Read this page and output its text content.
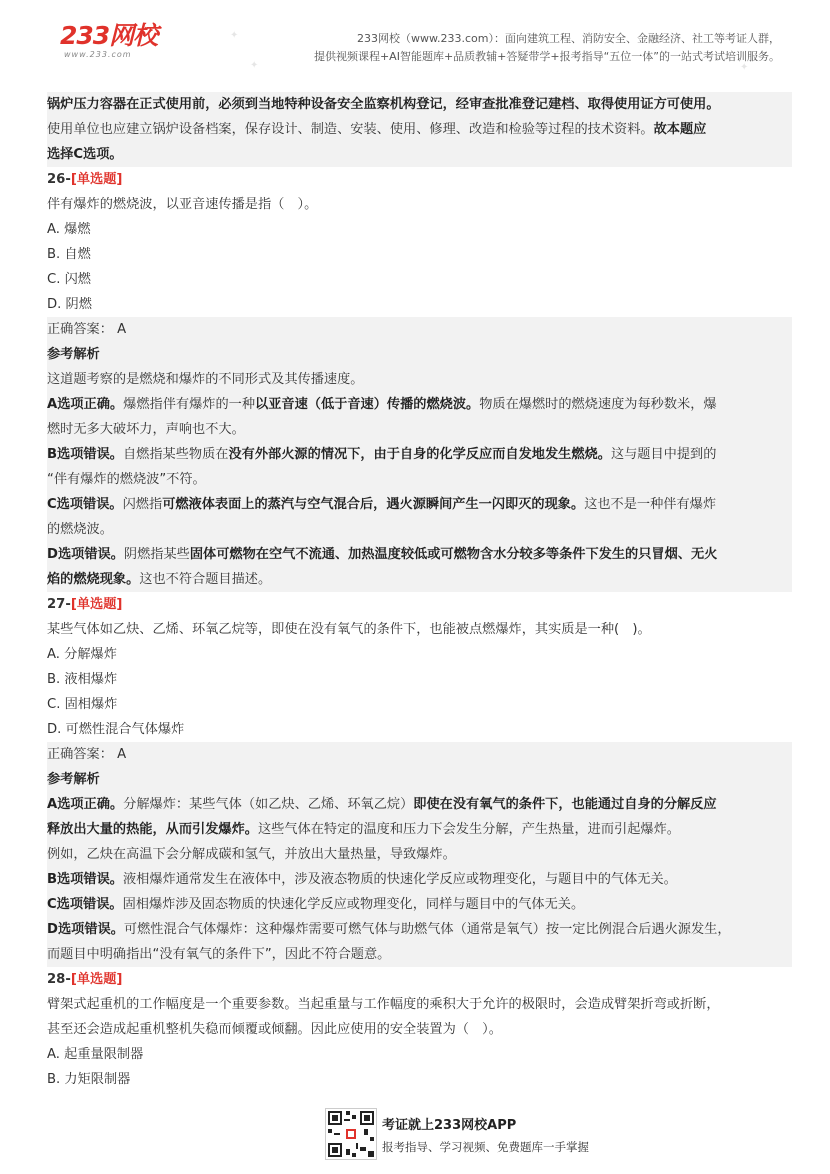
233网校
www.233.com
✦
✦	✦
233网校（www.233.com）：面向建筑工程、消防安全、金融经济、社工等考证人群，
提供视频课程+AI智能题库+品质教辅+答疑带学+报考指导“五位一体”的一站式考试培训服务。
锅炉压力容器在正式使用前，必须到当地特种设备安全监察机构登记，经审查批准登记建档、取得使用证方可使用。
使用单位也应建立锅炉设备档案，保存设计、制造、安装、使用、修理、改造和检验等过程的技术资料。故本题应
选择C选项。
26-[单选题]
伴有爆炸的燃烧波，以亚音速传播是指（　）。
A. 爆燃
B. 自燃
C. 闪燃
D. 阴燃
正确答案： A
参考解析
这道题考察的是燃烧和爆炸的不同形式及其传播速度。
A选项正确。爆燃指伴有爆炸的一种以亚音速（低于音速）传播的燃烧波。物质在爆燃时的燃烧速度为每秒数米，爆
燃时无多大破坏力，声响也不大。
B选项错误。自燃指某些物质在没有外部火源的情况下，由于自身的化学反应而自发地发生燃烧。这与题目中提到的
“伴有爆炸的燃烧波”不符。
C选项错误。闪燃指可燃液体表面上的蒸汽与空气混合后，遇火源瞬间产生一闪即灭的现象。这也不是一种伴有爆炸
的燃烧波。
D选项错误。阴燃指某些固体可燃物在空气不流通、加热温度较低或可燃物含水分较多等条件下发生的只冒烟、无火
焰的燃烧现象。这也不符合题目描述。
27-[单选题]
某些气体如乙炔、乙烯、环氧乙烷等，即使在没有氧气的条件下，也能被点燃爆炸，其实质是一种(　)。
A. 分解爆炸
B. 液相爆炸
C. 固相爆炸
D. 可燃性混合气体爆炸
正确答案： A
参考解析
A选项正确。分解爆炸：某些气体（如乙炔、乙烯、环氧乙烷）即使在没有氧气的条件下，也能通过自身的分解反应
释放出大量的热能，从而引发爆炸。这些气体在特定的温度和压力下会发生分解，产生热量，进而引起爆炸。
例如，乙炔在高温下会分解成碳和氢气，并放出大量热量，导致爆炸。
B选项错误。液相爆炸通常发生在液体中，涉及液态物质的快速化学反应或物理变化，与题目中的气体无关。
C选项错误。固相爆炸涉及固态物质的快速化学反应或物理变化，同样与题目中的气体无关。
D选项错误。可燃性混合气体爆炸：这种爆炸需要可燃气体与助燃气体（通常是氧气）按一定比例混合后遇火源发生，
而题目中明确指出“没有氧气的条件下”，因此不符合题意。
28-[单选题]
臂架式起重机的工作幅度是一个重要参数。当起重量与工作幅度的乘积大于允许的极限时，会造成臂架折弯或折断，
甚至还会造成起重机整机失稳而倾覆或倾翻。因此应使用的安全装置为（　）。
A. 起重量限制器
B. 力矩限制器
考证就上233网校APP
报考指导、学习视频、免费题库一手掌握
